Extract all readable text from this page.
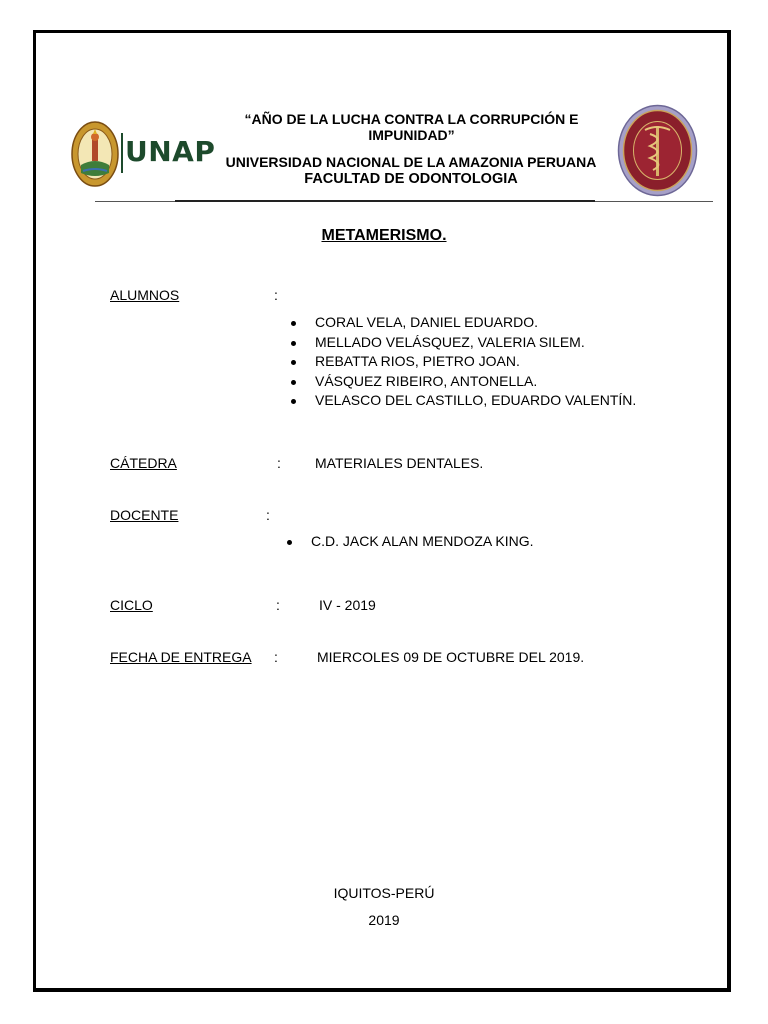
UNAP
“AÑO DE LA LUCHA CONTRA LA CORRUPCIÓN E IMPUNIDAD”
UNIVERSIDAD NACIONAL DE LA AMAZONIA PERUANA
FACULTAD DE ODONTOLOGIA
METAMERISMO.
ALUMNOS	:
CORAL VELA, DANIEL EDUARDO.
MELLADO VELÁSQUEZ, VALERIA SILEM.
REBATTA RIOS, PIETRO JOAN.
VÁSQUEZ RIBEIRO, ANTONELLA.
VELASCO DEL CASTILLO, EDUARDO VALENTÍN.
CÁTEDRA	: MATERIALES DENTALES.
DOCENTE	:
C.D. JACK ALAN MENDOZA KING.
CICLO	:	IV - 2019
FECHA DE ENTREGA :	MIERCOLES 09 DE OCTUBRE DEL 2019.
IQUITOS-PERÚ
2019
